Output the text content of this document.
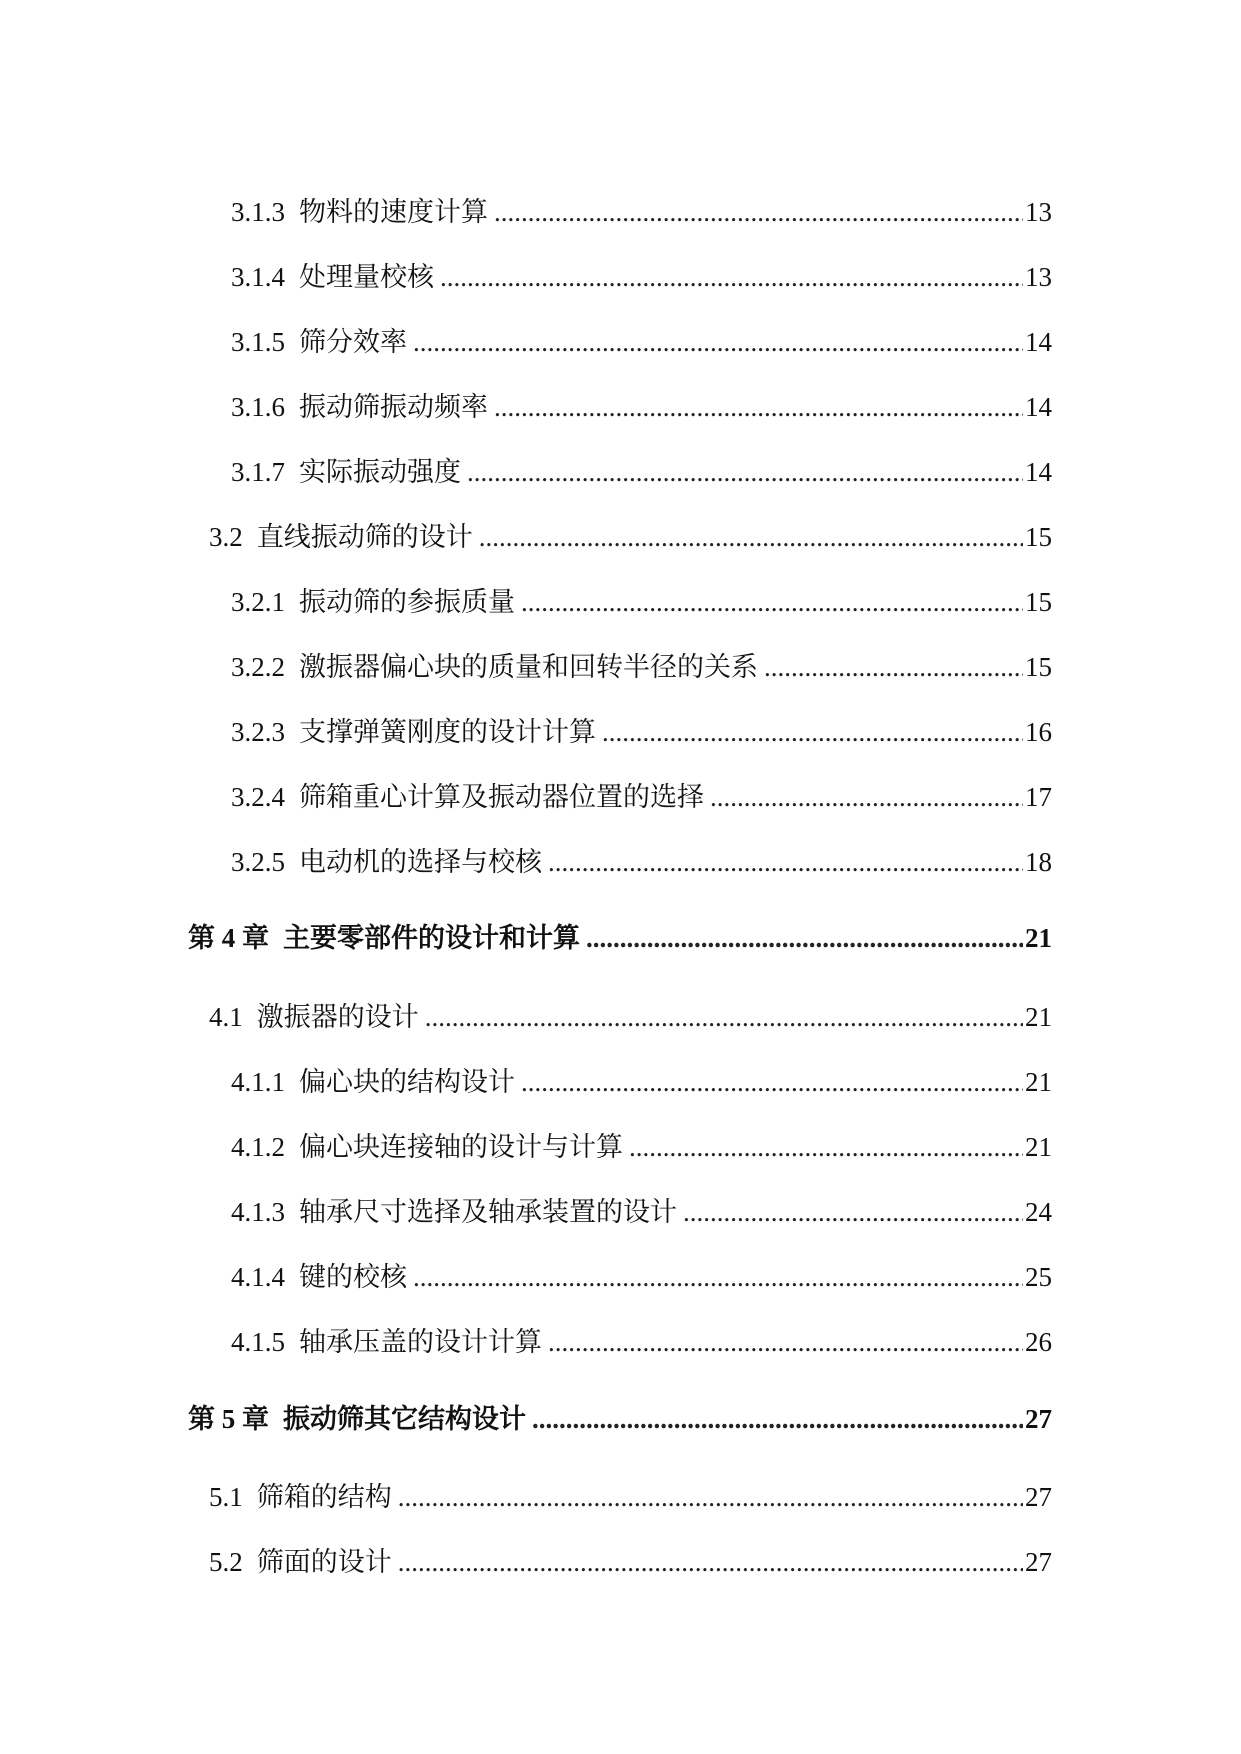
3.1.3 物料的速度计算 .....	13
3.1.4 处理量校核 .....	13
3.1.5 筛分效率 .....	14
3.1.6 振动筛振动频率 .....	14
3.1.7 实际振动强度 .....	14
3.2 直线振动筛的设计 .....	15
3.2.1 振动筛的参振质量 .....	15
3.2.2 激振器偏心块的质量和回转半径的关系 .....	15
3.2.3 支撑弹簧刚度的设计计算 .....	16
3.2.4 筛箱重心计算及振动器位置的选择 .....	17
3.2.5 电动机的选择与校核 .....	18
第 4 章 主要零部件的设计和计算 .....	21
4.1 激振器的设计 .....	21
4.1.1 偏心块的结构设计 .....	21
4.1.2 偏心块连接轴的设计与计算 .....	21
4.1.3 轴承尺寸选择及轴承装置的设计 .....	24
4.1.4 键的校核 .....	25
4.1.5 轴承压盖的设计计算 .....	26
第 5 章 振动筛其它结构设计 .....	27
5.1 筛箱的结构 .....	27
5.2 筛面的设计 .....	27
